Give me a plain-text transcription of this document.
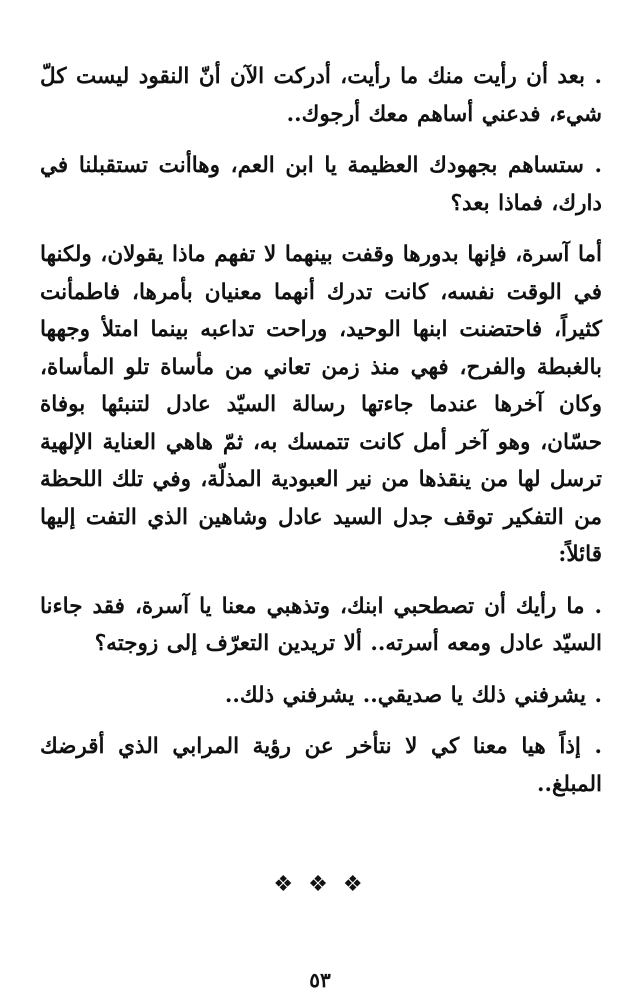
. بعد أن رأيت منك ما رأيت، أدركت الآن أنّ النقود ليست كلّ شيء، فدعني أساهم معك أرجوك..

. ستساهم بجهودك العظيمة يا ابن العم، وهاأنت تستقبلنا في دارك، فماذا بعد؟

أما آسرة، فإنها بدورها وقفت بينهما لا تفهم ماذا يقولان، ولكنها في الوقت نفسه، كانت تدرك أنهما معنيان بأمرها، فاطمأنت كثيراً، فاحتضنت ابنها الوحيد، وراحت تداعبه بينما امتلأ وجهها بالغبطة والفرح، فهي منذ زمن تعاني من مأساة تلو المأساة، وكان آخرها عندما جاءتها رسالة السيّد عادل لتنبئها بوفاة حسّان، وهو آخر أمل كانت تتمسك به، ثمّ هاهي العناية الإلهية ترسل لها من ينقذها من نير العبودية المذلّة، وفي تلك اللحظة من التفكير توقف جدل السيد عادل وشاهين الذي التفت إليها قائلاً:

. ما رأيك أن تصطحبي ابنك، وتذهبي معنا يا آسرة، فقد جاءنا السيّد عادل ومعه أسرته.. ألا تريدين التعرّف إلى زوجته؟

. يشرفني ذلك يا صديقي.. يشرفني ذلك..

. إذاً هيا معنا كي لا نتأخر عن رؤية المرابي الذي أقرضك المبلغ..

❖ ❖ ❖
٥٣
